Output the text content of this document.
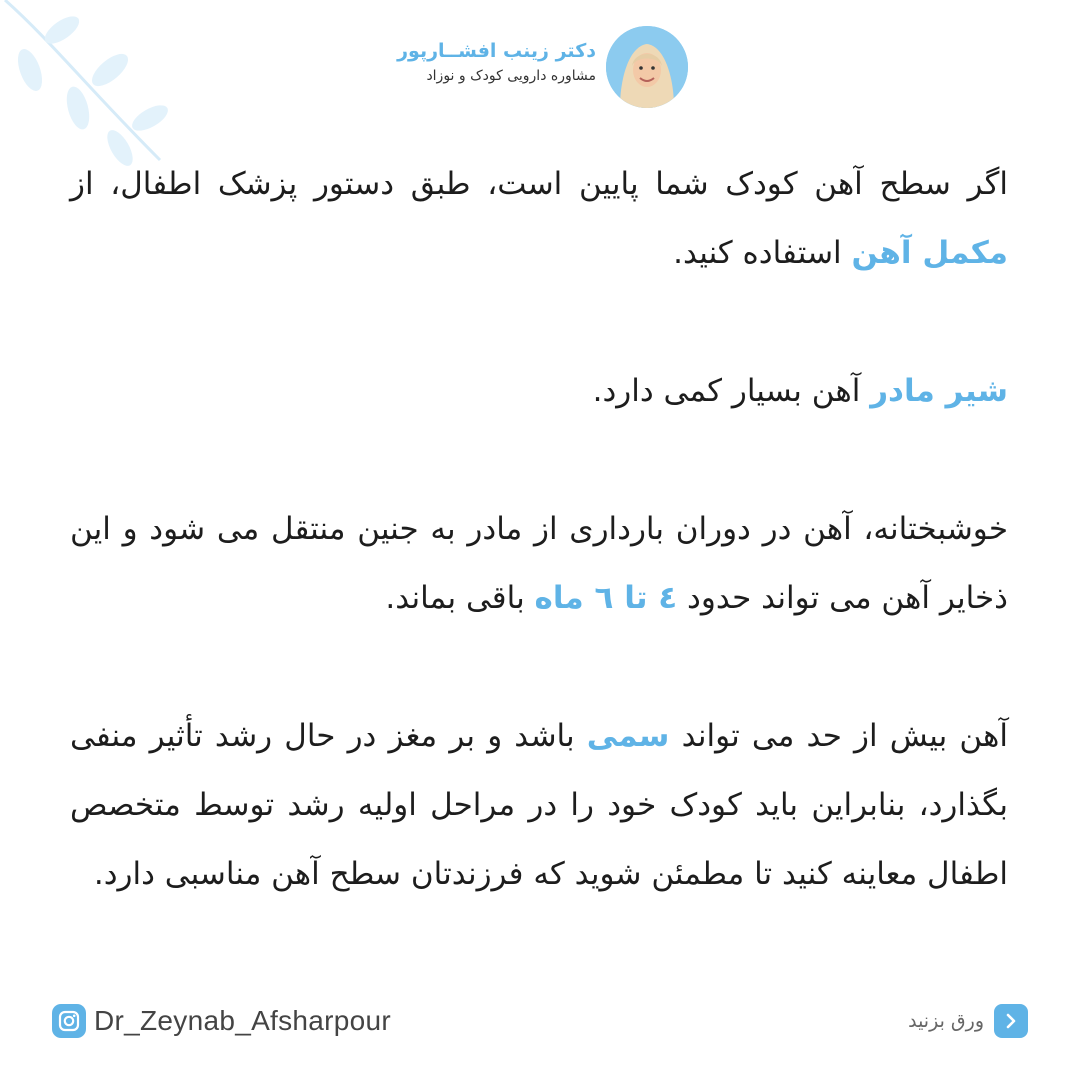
دکتر زینب افشــارپور
مشاوره دارویی کودک و نوزاد

اگر سطح آهن کودک شما پایین است، طبق دستور پزشک اطفال، از مکمل آهن استفاده کنید.

شیر مادر آهن بسیار کمی دارد.

خوشبختانه، آهن در دوران بارداری از مادر به جنین منتقل می شود و این ذخایر آهن می تواند حدود ٤ تا ٦ ماه باقی بماند.

آهن بیش از حد می تواند سمی باشد و بر مغز در حال رشد تأثیر منفی بگذارد، بنابراین باید کودک خود را در مراحل اولیه رشد توسط متخصص اطفال معاینه کنید تا مطمئن شوید که فرزندتان سطح آهن مناسبی دارد.

Dr_Zeynab_Afsharpour	ورق بزنید
